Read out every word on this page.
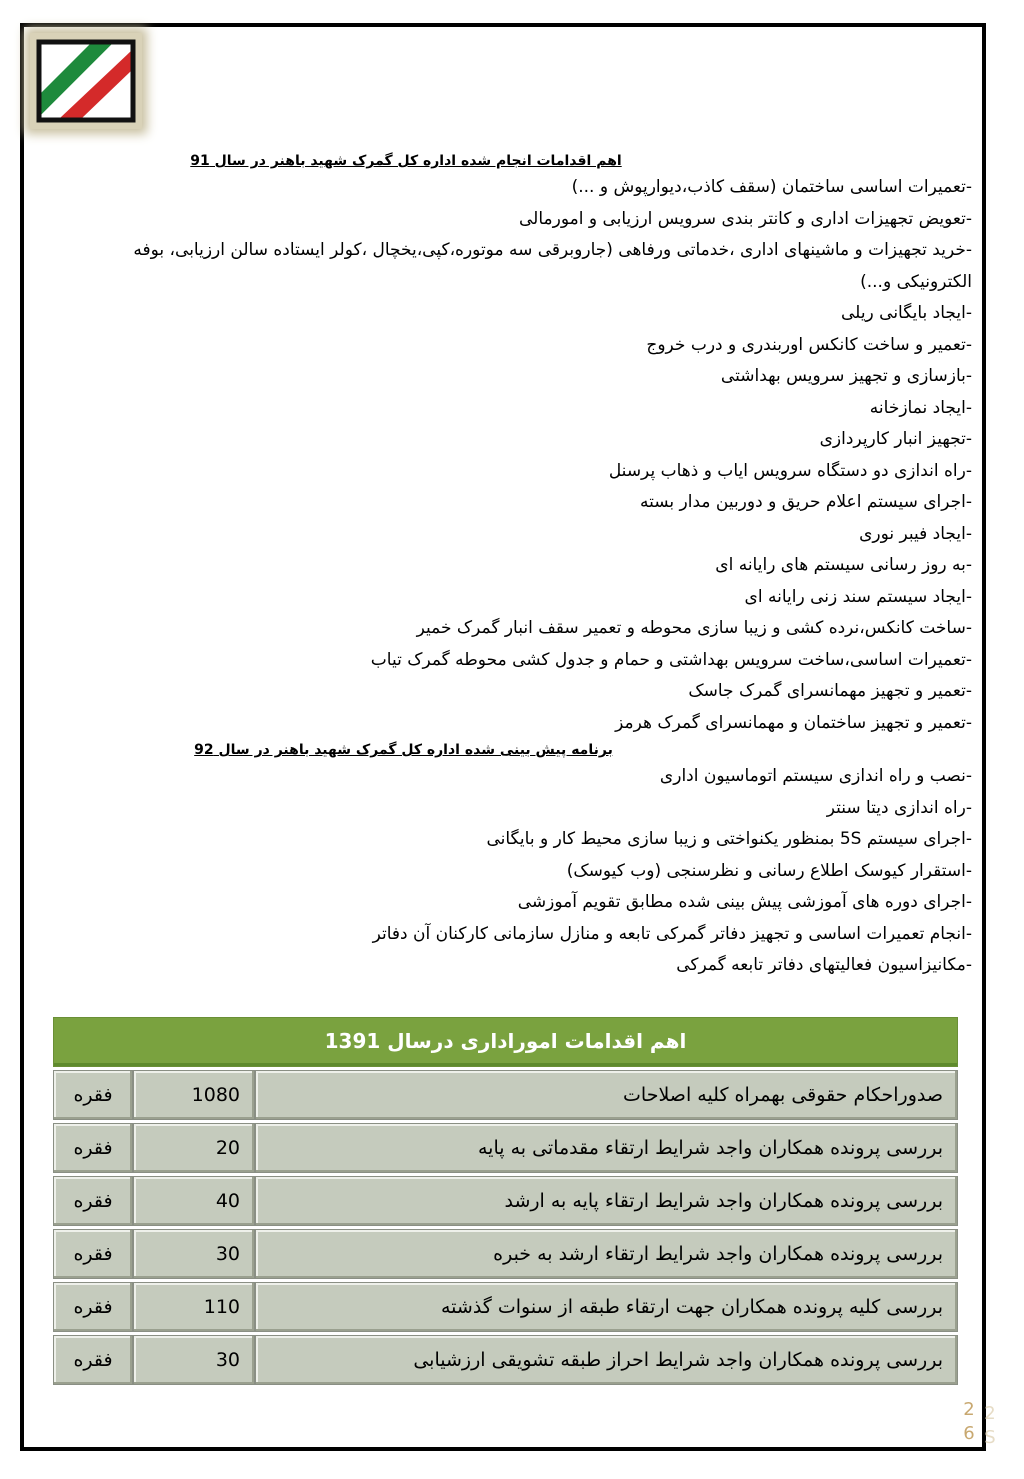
اهم اقدامات انجام شده اداره کل گمرک شهید باهنر در سال 91
-تعمیرات اساسی ساختمان (سقف کاذب،دیوارپوش و ...)
-تعویض تجهیزات اداری و کانتر بندی سرویس ارزیابی و امورمالی
-خرید تجهیزات و ماشینهای اداری ،خدماتی ورفاهی (جاروبرقی سه موتوره،کپی،یخچال ،کولر ایستاده سالن ارزیابی، بوفه الکترونیکی و...)
-ایجاد بایگانی ریلی
-تعمیر و ساخت کانکس اوربندری و درب خروج
-بازسازی و تجهیز سرویس بهداشتی
-ایجاد نمازخانه
-تجهیز انبار کارپردازی
-راه اندازی دو دستگاه سرویس ایاب و ذهاب پرسنل
-اجرای سیستم اعلام حریق و دوربین مدار بسته
-ایجاد فیبر نوری
-به روز رسانی سیستم های رایانه ای
-ایجاد سیستم سند زنی رایانه ای
-ساخت کانکس،نرده کشی و زیبا سازی محوطه و تعمیر سقف انبار گمرک خمیر
-تعمیرات اساسی،ساخت سرویس بهداشتی و حمام و جدول کشی محوطه گمرک تیاب
-تعمیر و تجهیز مهمانسرای گمرک جاسک
-تعمیر و تجهیز ساختمان و مهمانسرای گمرک هرمز
برنامه پیش بینی شده اداره کل گمرک شهید باهنر در سال 92
-نصب و راه اندازی سیستم اتوماسیون اداری
-راه اندازی دیتا سنتر
-اجرای سیستم 5S بمنظور یکنواختی و زیبا سازی محیط کار و بایگانی
-استقرار کیوسک اطلاع رسانی و نظرسنجی (وب کیوسک)
-اجرای دوره های آموزشی پیش بینی شده مطابق تقویم آموزشی
-انجام تعمیرات اساسی و تجهیز دفاتر گمرکی تابعه و منازل سازمانی کارکنان آن دفاتر
-مکانیزاسیون فعالیتهای دفاتر تابعه گمرکی
اهم اقدامات اموراداری درسال 1391
صدوراحکام حقوقی بهمراه کلیه اصلاحات
1080
فقره
بررسی پرونده همکاران واجد شرایط ارتقاء مقدماتی به پایه
20
فقره
بررسی پرونده همکاران واجد شرایط ارتقاء پایه به ارشد
40
فقره
بررسی پرونده همکاران واجد شرایط ارتقاء ارشد به خبره
30
فقره
بررسی کلیه پرونده همکاران جهت ارتقاء طبقه از سنوات گذشته
110
فقره
بررسی پرونده همکاران واجد شرایط احراز طبقه تشویقی ارزشیابی
30
فقره
2
6
2
S
